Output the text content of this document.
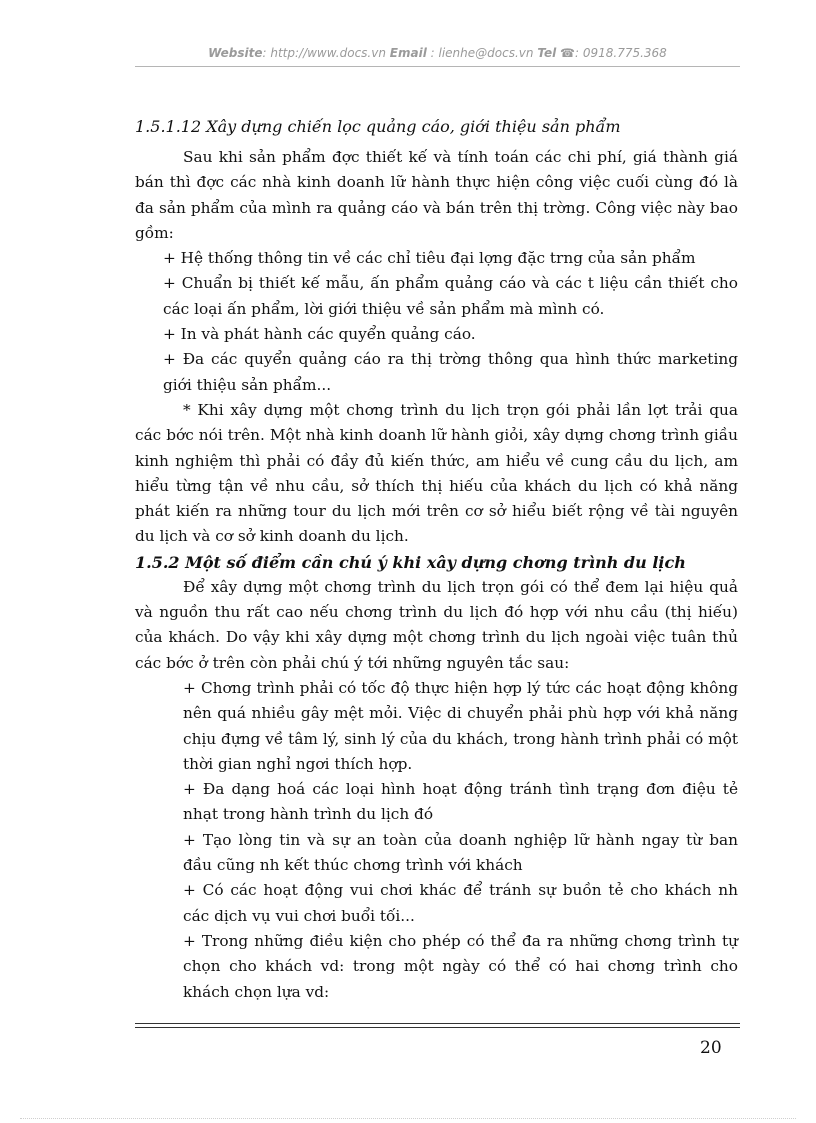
Website: http://www.docs.vn Email : lienhe@docs.vn Tel ☎: 0918.775.368
1.5.1.12 Xây dựng chiến lọc quảng cáo, giới thiệu sản phẩm

Sau khi sản phẩm đợc thiết kế và tính toán các chi phí, giá thành giá bán thì đợc các nhà kinh doanh lữ hành thực hiện công việc cuối cùng đó là đa sản phẩm của mình ra quảng cáo và bán trên thị trờng. Công việc này bao gồm:

+ Hệ thống thông tin về các chỉ tiêu đại lợng đặc trng của sản phẩm

+ Chuẩn bị thiết kế mẫu, ấn phẩm quảng cáo và các t liệu cần thiết cho các loại ấn phẩm, lời giới thiệu về sản phẩm mà mình có.

+ In và phát hành các quyển quảng cáo.

+ Đa các quyển quảng cáo ra thị trờng thông qua hình thức marketing giới thiệu sản phẩm...

* Khi xây dựng một chơng trình du lịch trọn gói phải lần lợt trải qua các bớc nói trên. Một nhà kinh doanh lữ hành giỏi, xây dựng chơng trình giầu kinh nghiệm thì phải có đầy đủ kiến thức, am hiểu về cung cầu du lịch, am hiểu từng tận về nhu cầu, sở thích thị hiếu của khách du lịch có khả năng phát kiến ra những tour du lịch mới trên cơ sở hiểu biết rộng về tài nguyên du lịch và cơ sở kinh doanh du lịch.

1.5.2 Một số điểm cần chú ý khi xây dựng chơng trình du lịch

Để xây dựng một chơng trình du lịch trọn gói có thể đem lại hiệu quả và nguồn thu rất cao nếu chơng trình du lịch đó hợp với nhu cầu (thị hiếu) của khách. Do vậy khi xây dựng một chơng trình du lịch ngoài việc tuân thủ các bớc ở trên còn phải chú ý tới những nguyên tắc sau:

+ Chơng trình phải có tốc độ thực hiện hợp lý tức các hoạt động không nên quá nhiều gây mệt mỏi. Việc di chuyển phải phù hợp với khả năng chịu đựng về tâm lý, sinh lý của du khách, trong hành trình phải có một thời gian nghỉ ngơi thích hợp.

+ Đa dạng hoá các loại hình hoạt động tránh tình trạng đơn điệu tẻ nhạt trong hành trình du lịch đó

+ Tạo lòng tin và sự an toàn của doanh nghiệp lữ hành ngay từ ban đầu cũng nh kết thúc chơng trình với khách

+ Có các hoạt động vui chơi khác để tránh sự buồn tẻ cho khách nh các dịch vụ vui chơi buổi tối...

+ Trong những điều kiện cho phép có thể đa ra những chơng trình tự chọn cho khách vd: trong một ngày có thể có hai chơng trình cho khách chọn lựa vd:

20
